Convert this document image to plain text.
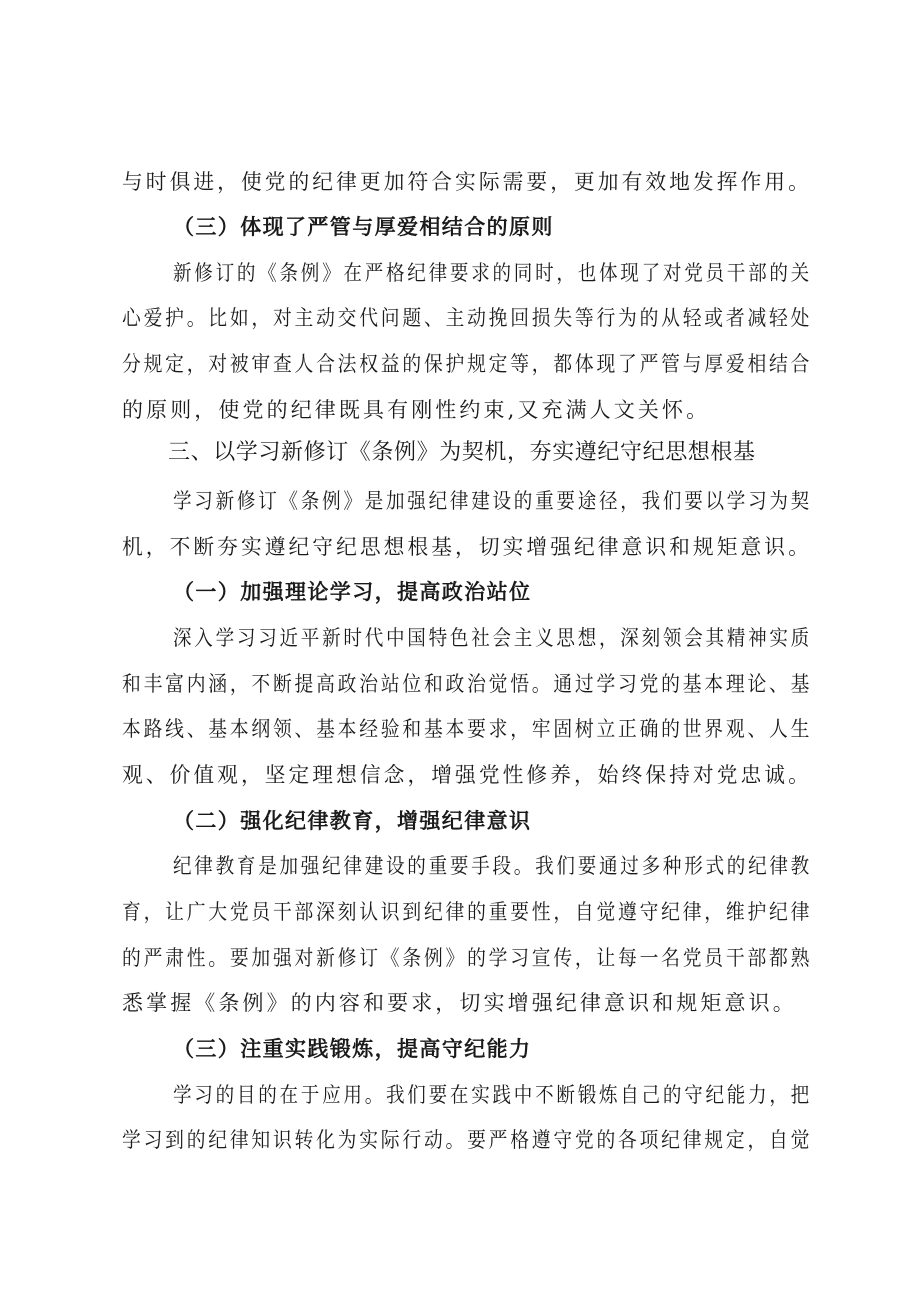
与时俱进，使党的纪律更加符合实际需要，更加有效地发挥作用。

（三）体现了严管与厚爱相结合的原则

新修订的《条例》在严格纪律要求的同时，也体现了对党员干部的关

心爱护。比如，对主动交代问题、主动挽回损失等行为的从轻或者减轻处

分规定，对被审查人合法权益的保护规定等，都体现了严管与厚爱相结合

的原则，使党的纪律既具有刚性约束,又充满人文关怀。

三、以学习新修订《条例》为契机，夯实遵纪守纪思想根基

学习新修订《条例》是加强纪律建设的重要途径，我们要以学习为契

机，不断夯实遵纪守纪思想根基，切实增强纪律意识和规矩意识。

（一）加强理论学习，提高政治站位

深入学习习近平新时代中国特色社会主义思想，深刻领会其精神实质

和丰富内涵，不断提高政治站位和政治觉悟。通过学习党的基本理论、基

本路线、基本纲领、基本经验和基本要求，牢固树立正确的世界观、人生

观、价值观，坚定理想信念，增强党性修养，始终保持对党忠诚。

（二）强化纪律教育，增强纪律意识

纪律教育是加强纪律建设的重要手段。我们要通过多种形式的纪律教

育，让广大党员干部深刻认识到纪律的重要性，自觉遵守纪律，维护纪律

的严肃性。要加强对新修订《条例》的学习宣传，让每一名党员干部都熟

悉掌握《条例》的内容和要求，切实增强纪律意识和规矩意识。

（三）注重实践锻炼，提高守纪能力

学习的目的在于应用。我们要在实践中不断锻炼自己的守纪能力，把

学习到的纪律知识转化为实际行动。要严格遵守党的各项纪律规定，自觉
